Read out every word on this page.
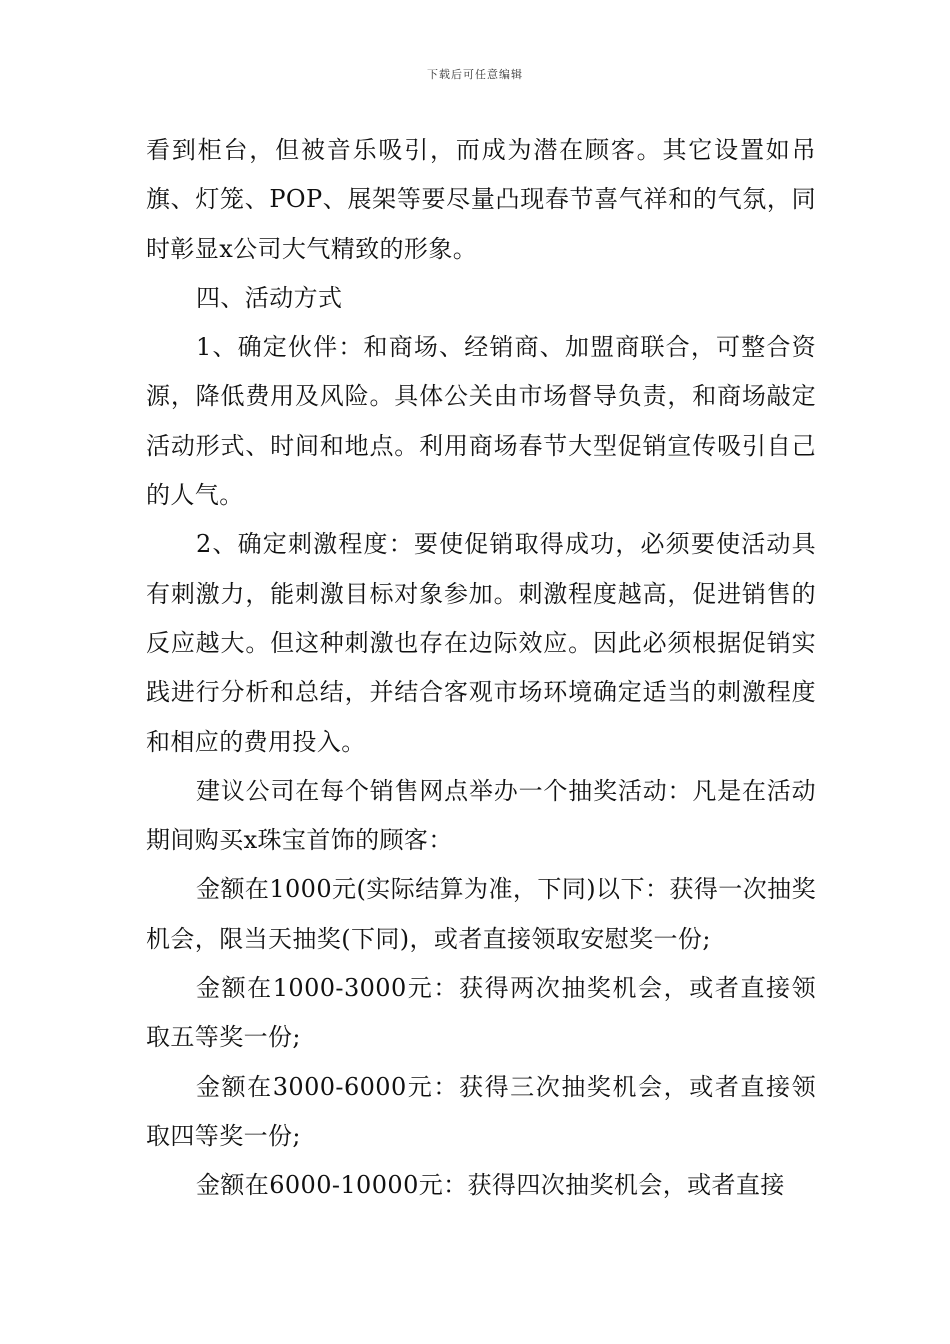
下载后可任意编辑

看到柜台，但被音乐吸引，而成为潜在顾客。其它设置如吊旗、灯笼、POP、展架等要尽量凸现春节喜气祥和的气氛，同时彰显x公司大气精致的形象。

四、活动方式

1、确定伙伴：和商场、经销商、加盟商联合，可整合资源，降低费用及风险。具体公关由市场督导负责，和商场敲定活动形式、时间和地点。利用商场春节大型促销宣传吸引自己的人气。

2、确定刺激程度：要使促销取得成功，必须要使活动具有刺激力，能刺激目标对象参加。刺激程度越高，促进销售的反应越大。但这种刺激也存在边际效应。因此必须根据促销实践进行分析和总结，并结合客观市场环境确定适当的刺激程度和相应的费用投入。

建议公司在每个销售网点举办一个抽奖活动：凡是在活动期间购买x珠宝首饰的顾客：

金额在1000元(实际结算为准，下同)以下：获得一次抽奖机会，限当天抽奖(下同)，或者直接领取安慰奖一份;

金额在1000-3000元：获得两次抽奖机会，或者直接领取五等奖一份;

金额在3000-6000元：获得三次抽奖机会，或者直接领取四等奖一份;

金额在6000-10000元：获得四次抽奖机会，或者直接
